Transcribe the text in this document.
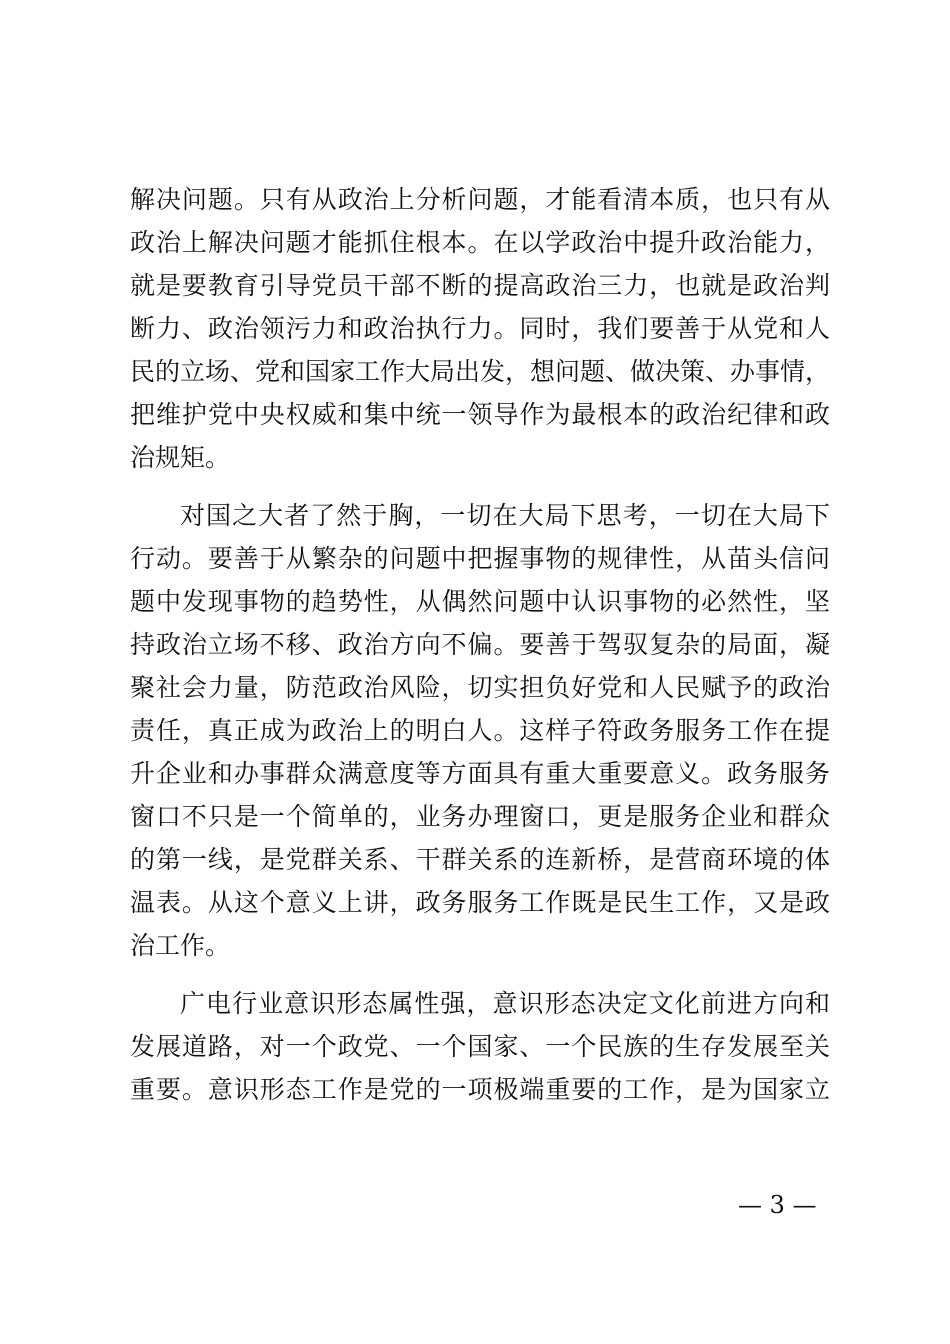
解决问题。只有从政治上分析问题，才能看清本质，也只有从
政治上解决问题才能抓住根本。在以学政治中提升政治能力，
就是要教育引导党员干部不断的提高政治三力，也就是政治判
断力、政治领污力和政治执行力。同时，我们要善于从党和人
民的立场、党和国家工作大局出发，想问题、做决策、办事情，
把维护党中央权威和集中统一领导作为最根本的政治纪律和政
治规矩。
对国之大者了然于胸，一切在大局下思考，一切在大局下
行动。要善于从繁杂的问题中把握事物的规律性，从苗头信问
题中发现事物的趋势性，从偶然问题中认识事物的必然性，坚
持政治立场不移、政治方向不偏。要善于驾驭复杂的局面，凝
聚社会力量，防范政治风险，切实担负好党和人民赋予的政治
责任，真正成为政治上的明白人。这样子符政务服务工作在提
升企业和办事群众满意度等方面具有重大重要意义。政务服务
窗口不只是一个简单的，业务办理窗口，更是服务企业和群众
的第一线，是党群关系、干群关系的连新桥，是营商环境的体
温表。从这个意义上讲，政务服务工作既是民生工作，又是政
治工作。
广电行业意识形态属性强，意识形态决定文化前进方向和
发展道路，对一个政党、一个国家、一个民族的生存发展至关
重要。意识形态工作是党的一项极端重要的工作，是为国家立
— 3 —
